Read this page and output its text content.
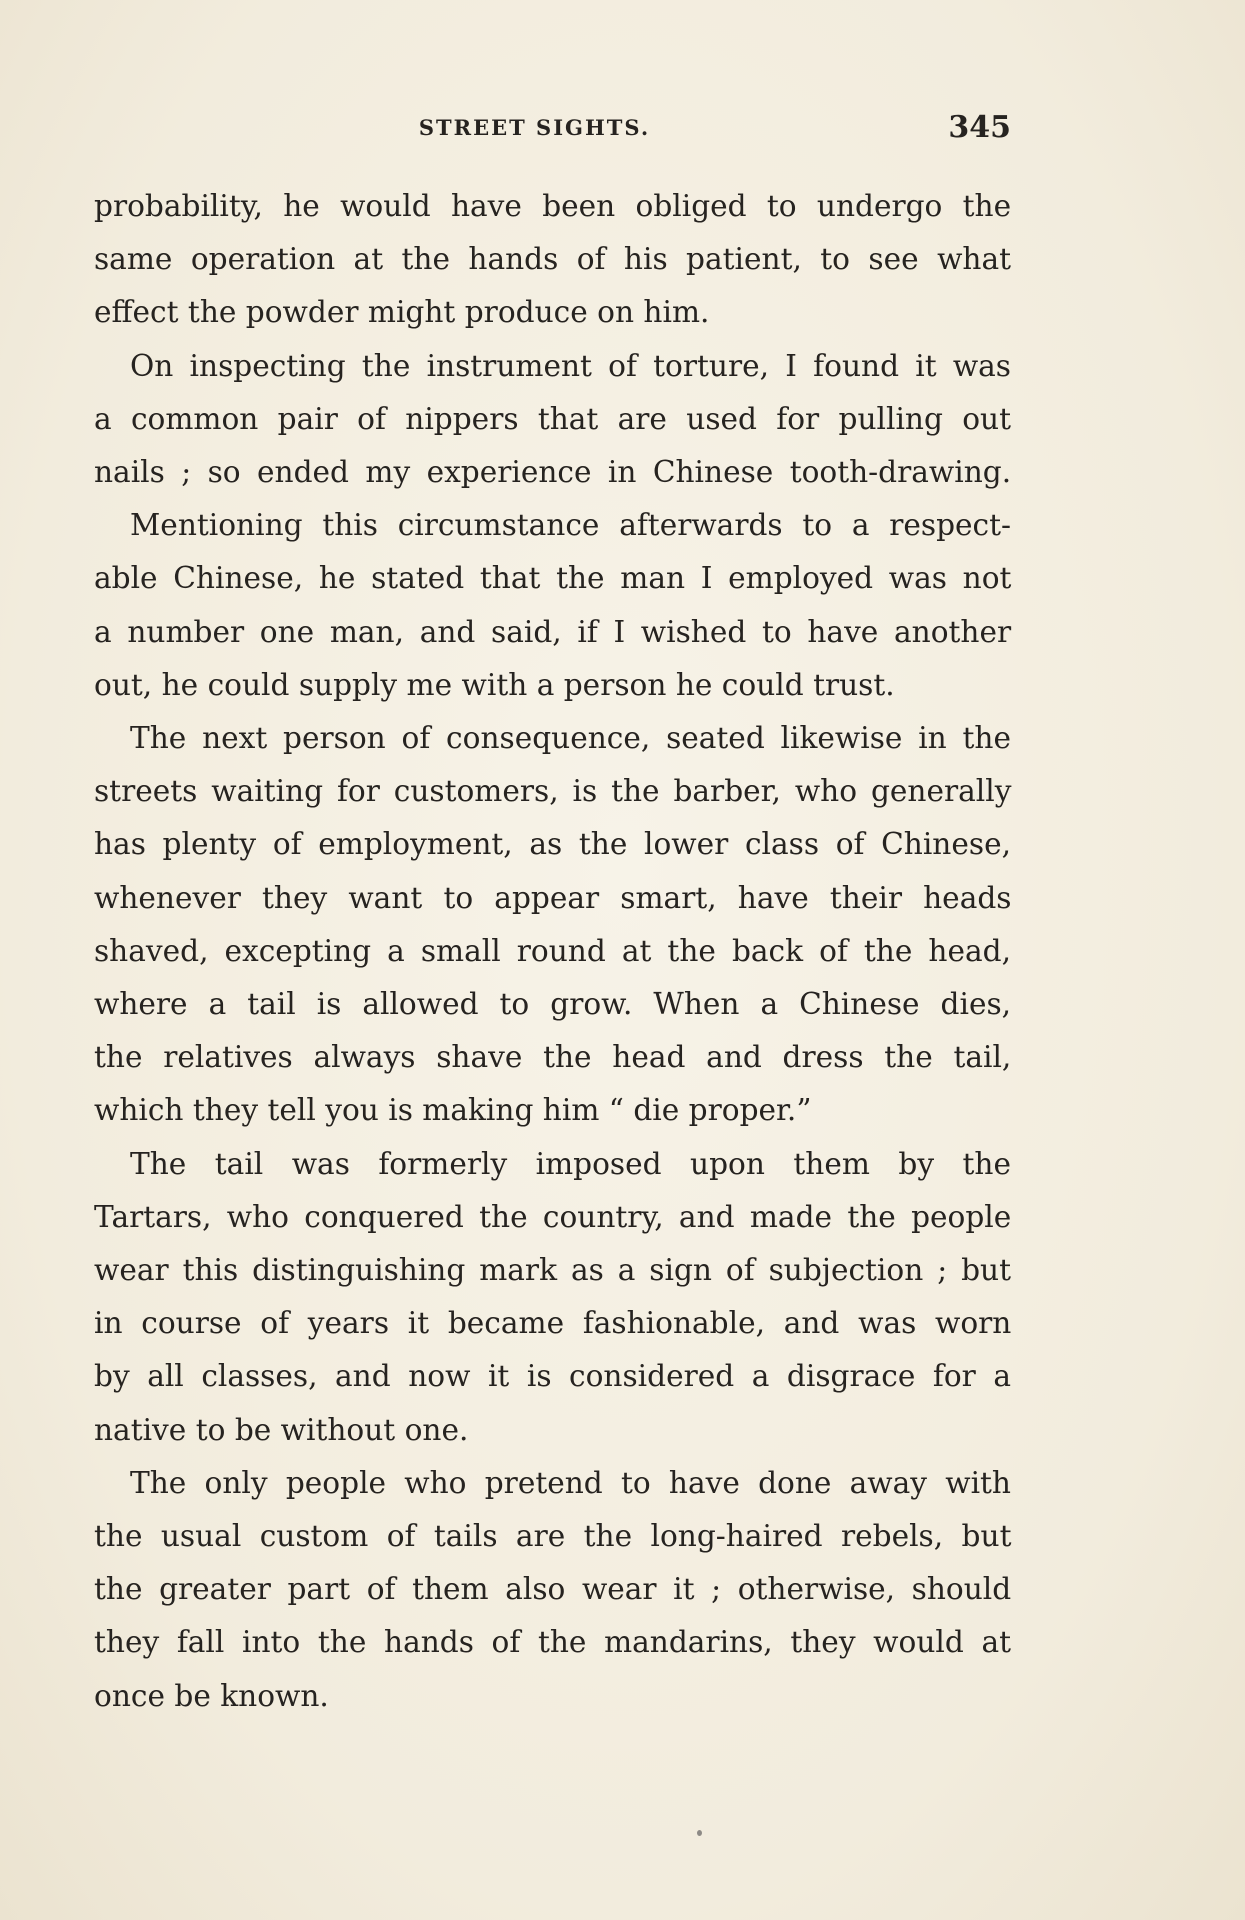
STREET SIGHTS.	345
probability, he would have been obliged to undergo the
same operation at the hands of his patient, to see what
effect the powder might produce on him.
On inspecting the instrument of torture, I found it was
a common pair of nippers that are used for pulling out
nails ; so ended my experience in Chinese tooth-drawing.
Mentioning this circumstance afterwards to a respect-
able Chinese, he stated that the man I employed was not
a number one man, and said, if I wished to have another
out, he could supply me with a person he could trust.
The next person of consequence, seated likewise in the
streets waiting for customers, is the barber, who generally
has plenty of employment, as the lower class of Chinese,
whenever they want to appear smart, have their heads
shaved, excepting a small round at the back of the head,
where a tail is allowed to grow. When a Chinese dies,
the relatives always shave the head and dress the tail,
which they tell you is making him “ die proper.”
The tail was formerly imposed upon them by the
Tartars, who conquered the country, and made the people
wear this distinguishing mark as a sign of subjection ; but
in course of years it became fashionable, and was worn
by all classes, and now it is considered a disgrace for a
native to be without one.
The only people who pretend to have done away with
the usual custom of tails are the long-haired rebels, but
the greater part of them also wear it ; otherwise, should
they fall into the hands of the mandarins, they would at
once be known.
